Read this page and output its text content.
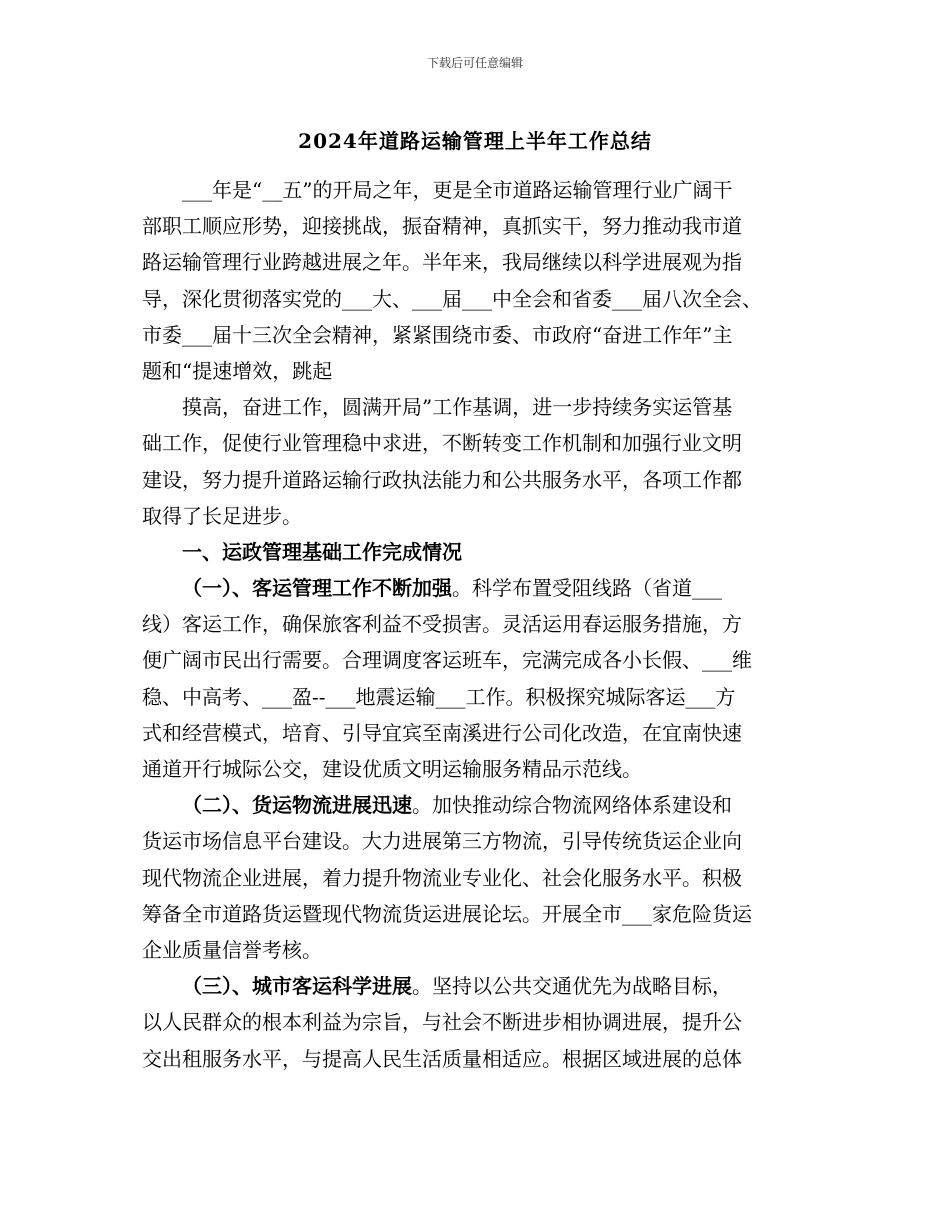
下载后可任意编辑
2024年道路运输管理上半年工作总结
___年是“__五”的开局之年，更是全市道路运输管理行业广阔干
部职工顺应形势，迎接挑战，振奋精神，真抓实干，努力推动我市道
路运输管理行业跨越进展之年。半年来，我局继续以科学进展观为指
导，深化贯彻落实党的___大、___届___中全会和省委___届八次全会、
市委___届十三次全会精神，紧紧围绕市委、市政府“奋进工作年”主
题和“提速增效，跳起
摸高，奋进工作，圆满开局”工作基调，进一步持续务实运管基
础工作，促使行业管理稳中求进，不断转变工作机制和加强行业文明
建设，努力提升道路运输行政执法能力和公共服务水平，各项工作都
取得了长足进步。
一、运政管理基础工作完成情况
（一）、客运管理工作不断加强。科学布置受阻线路（省道___
线）客运工作，确保旅客利益不受损害。灵活运用春运服务措施，方
便广阔市民出行需要。合理调度客运班车，完满完成各小长假、___维
稳、中高考、___盈--___地震运输___工作。积极探究城际客运___方
式和经营模式，培育、引导宜宾至南溪进行公司化改造，在宜南快速
通道开行城际公交，建设优质文明运输服务精品示范线。
（二）、货运物流进展迅速。加快推动综合物流网络体系建设和
货运市场信息平台建设。大力进展第三方物流，引导传统货运企业向
现代物流企业进展，着力提升物流业专业化、社会化服务水平。积极
筹备全市道路货运暨现代物流货运进展论坛。开展全市___家危险货运
企业质量信誉考核。
（三）、城市客运科学进展。坚持以公共交通优先为战略目标，
以人民群众的根本利益为宗旨，与社会不断进步相协调进展，提升公
交出租服务水平，与提高人民生活质量相适应。根据区域进展的总体
